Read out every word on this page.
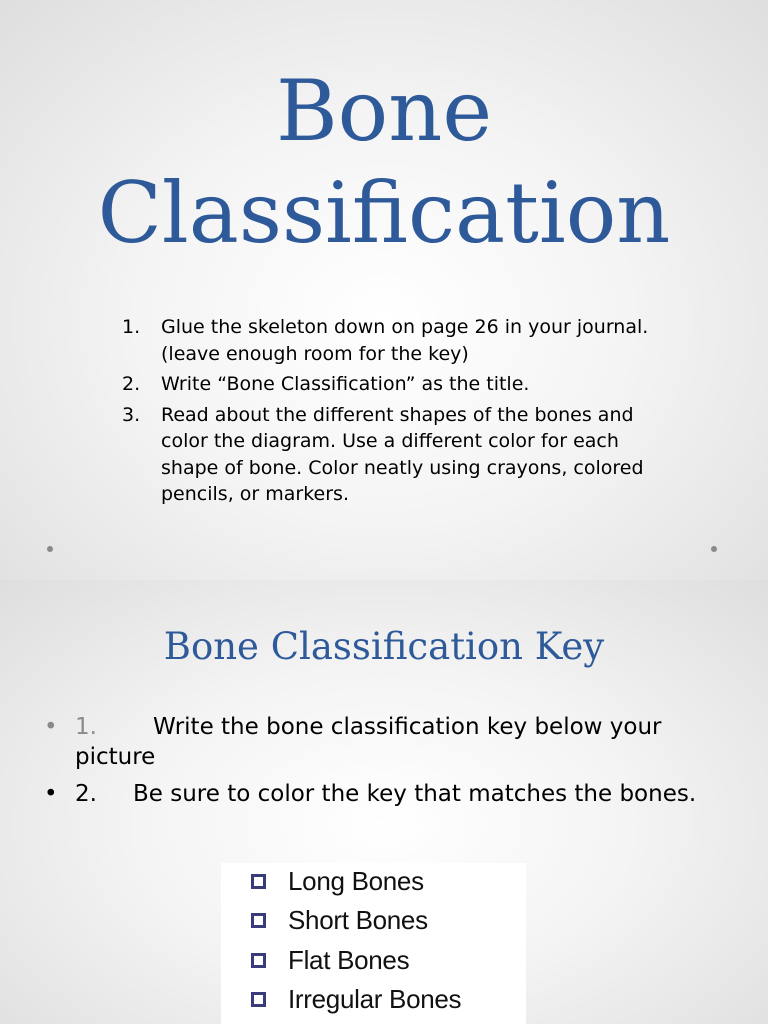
Bone
Classification
1. Glue the skeleton down on page 26 in your journal. (leave enough room for the key)
2. Write “Bone Classification” as the title.
3. Read about the different shapes of the bones and color the diagram. Use a different color for each shape of bone. Color neatly using crayons, colored pencils, or markers.
Bone Classification Key
• 1. Write the bone classification key below your picture
• 2. Be sure to color the key that matches the bones.
Long Bones
Short Bones
Flat Bones
Irregular Bones
